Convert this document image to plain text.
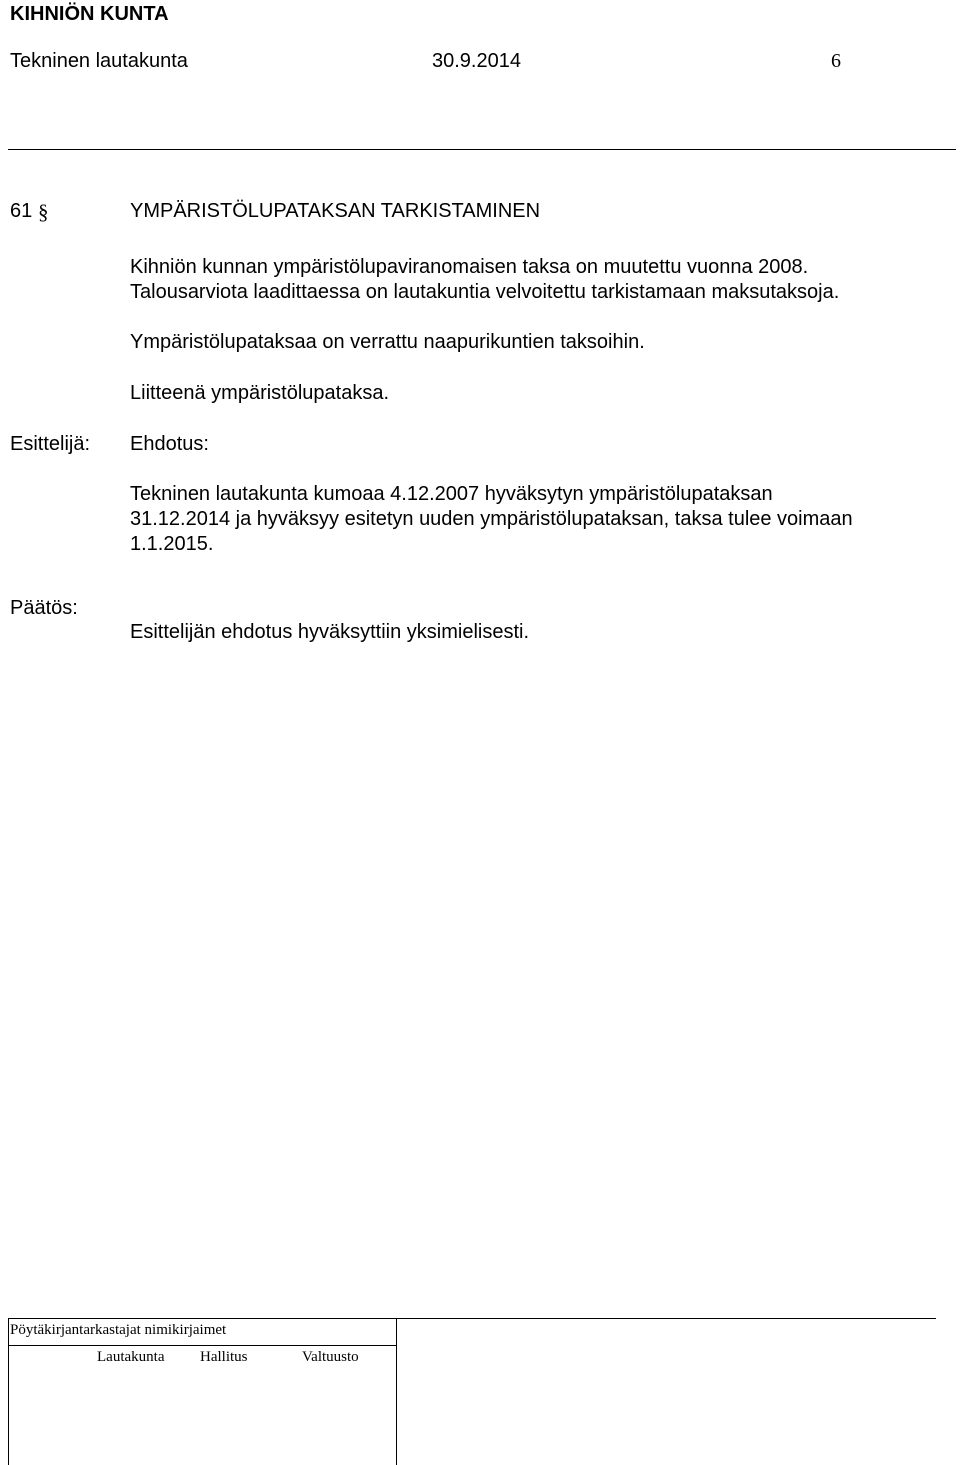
KIHNIÖN KUNTA
Tekninen lautakunta	30.9.2014	6
61 §	YMPÄRISTÖLUPATAKSAN TARKISTAMINEN
Kihniön kunnan ympäristölupaviranomaisen taksa on muutettu vuonna 2008.
Talousarviota laadittaessa on lautakuntia velvoitettu tarkistamaan maksutaksoja.
Ympäristölupataksaa on verrattu naapurikuntien taksoihin.
Liitteenä ympäristölupataksa.
Esittelijä: Ehdotus:
Tekninen lautakunta kumoaa 4.12.2007 hyväksytyn ympäristölupataksan
31.12.2014 ja hyväksyy esitetyn uuden ympäristölupataksan, taksa tulee voimaan
1.1.2015.
Päätös:
Esittelijän ehdotus hyväksyttiin yksimielisesti.
Pöytäkirjantarkastajat nimikirjaimet
Lautakunta Hallitus	Valtuusto
